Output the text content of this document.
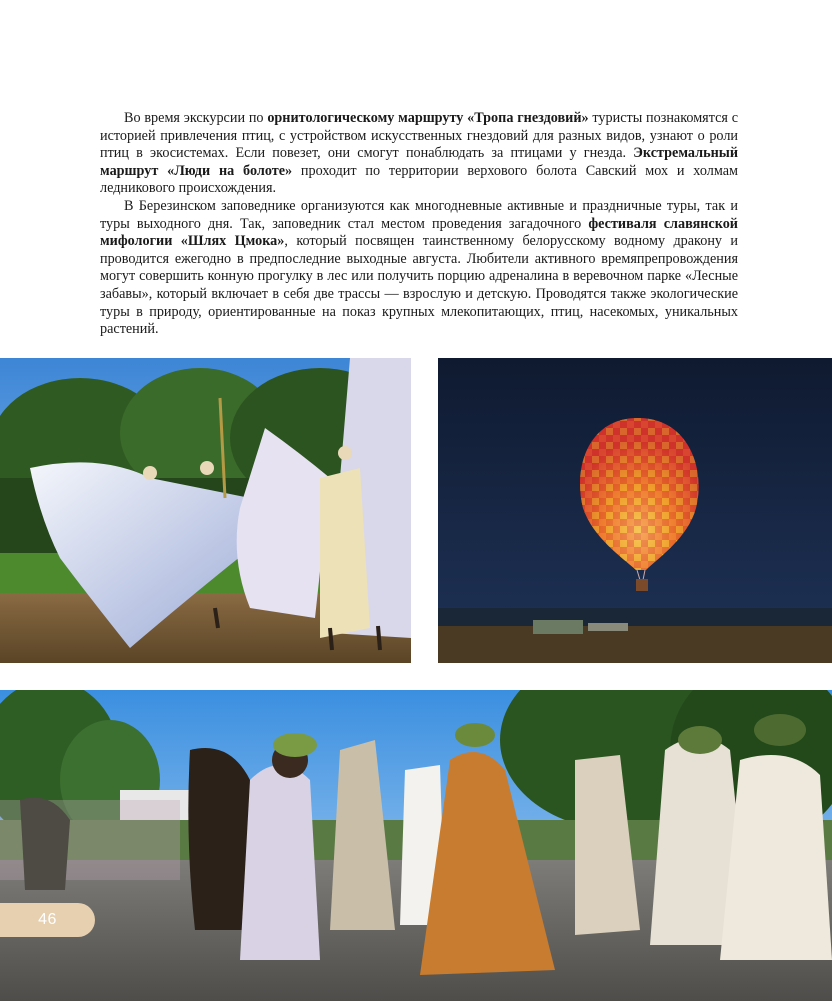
Во время экскурсии по орнитологическому маршруту «Тропа гнездовий» туристы познакомятся с историей привлечения птиц, с устройством искусственных гнездовий для разных видов, узнают о роли птиц в экосистемах. Если повезет, они смогут понаблюдать за птицами у гнезда. Экстремальный маршрут «Люди на болоте» проходит по территории верхового болота Савский мох и холмам ледникового происхождения.

В Березинском заповеднике организуются как многодневные активные и праздничные туры, так и туры выходного дня. Так, заповедник стал местом проведения загадочного фестиваля славянской мифологии «Шлях Цмока», который посвящен таинственному белорусскому водному дракону и проводится ежегодно в предпоследние выходные августа. Любители активного времяпрепровождения могут совершить конную прогулку в лес или получить порцию адреналина в веревочном парке «Лесные забавы», который включает в себя две трассы — взрослую и детскую. Проводятся также экологические туры в природу, ориентированные на показ крупных млекопитающих, птиц, насекомых, уникальных растений.

46
